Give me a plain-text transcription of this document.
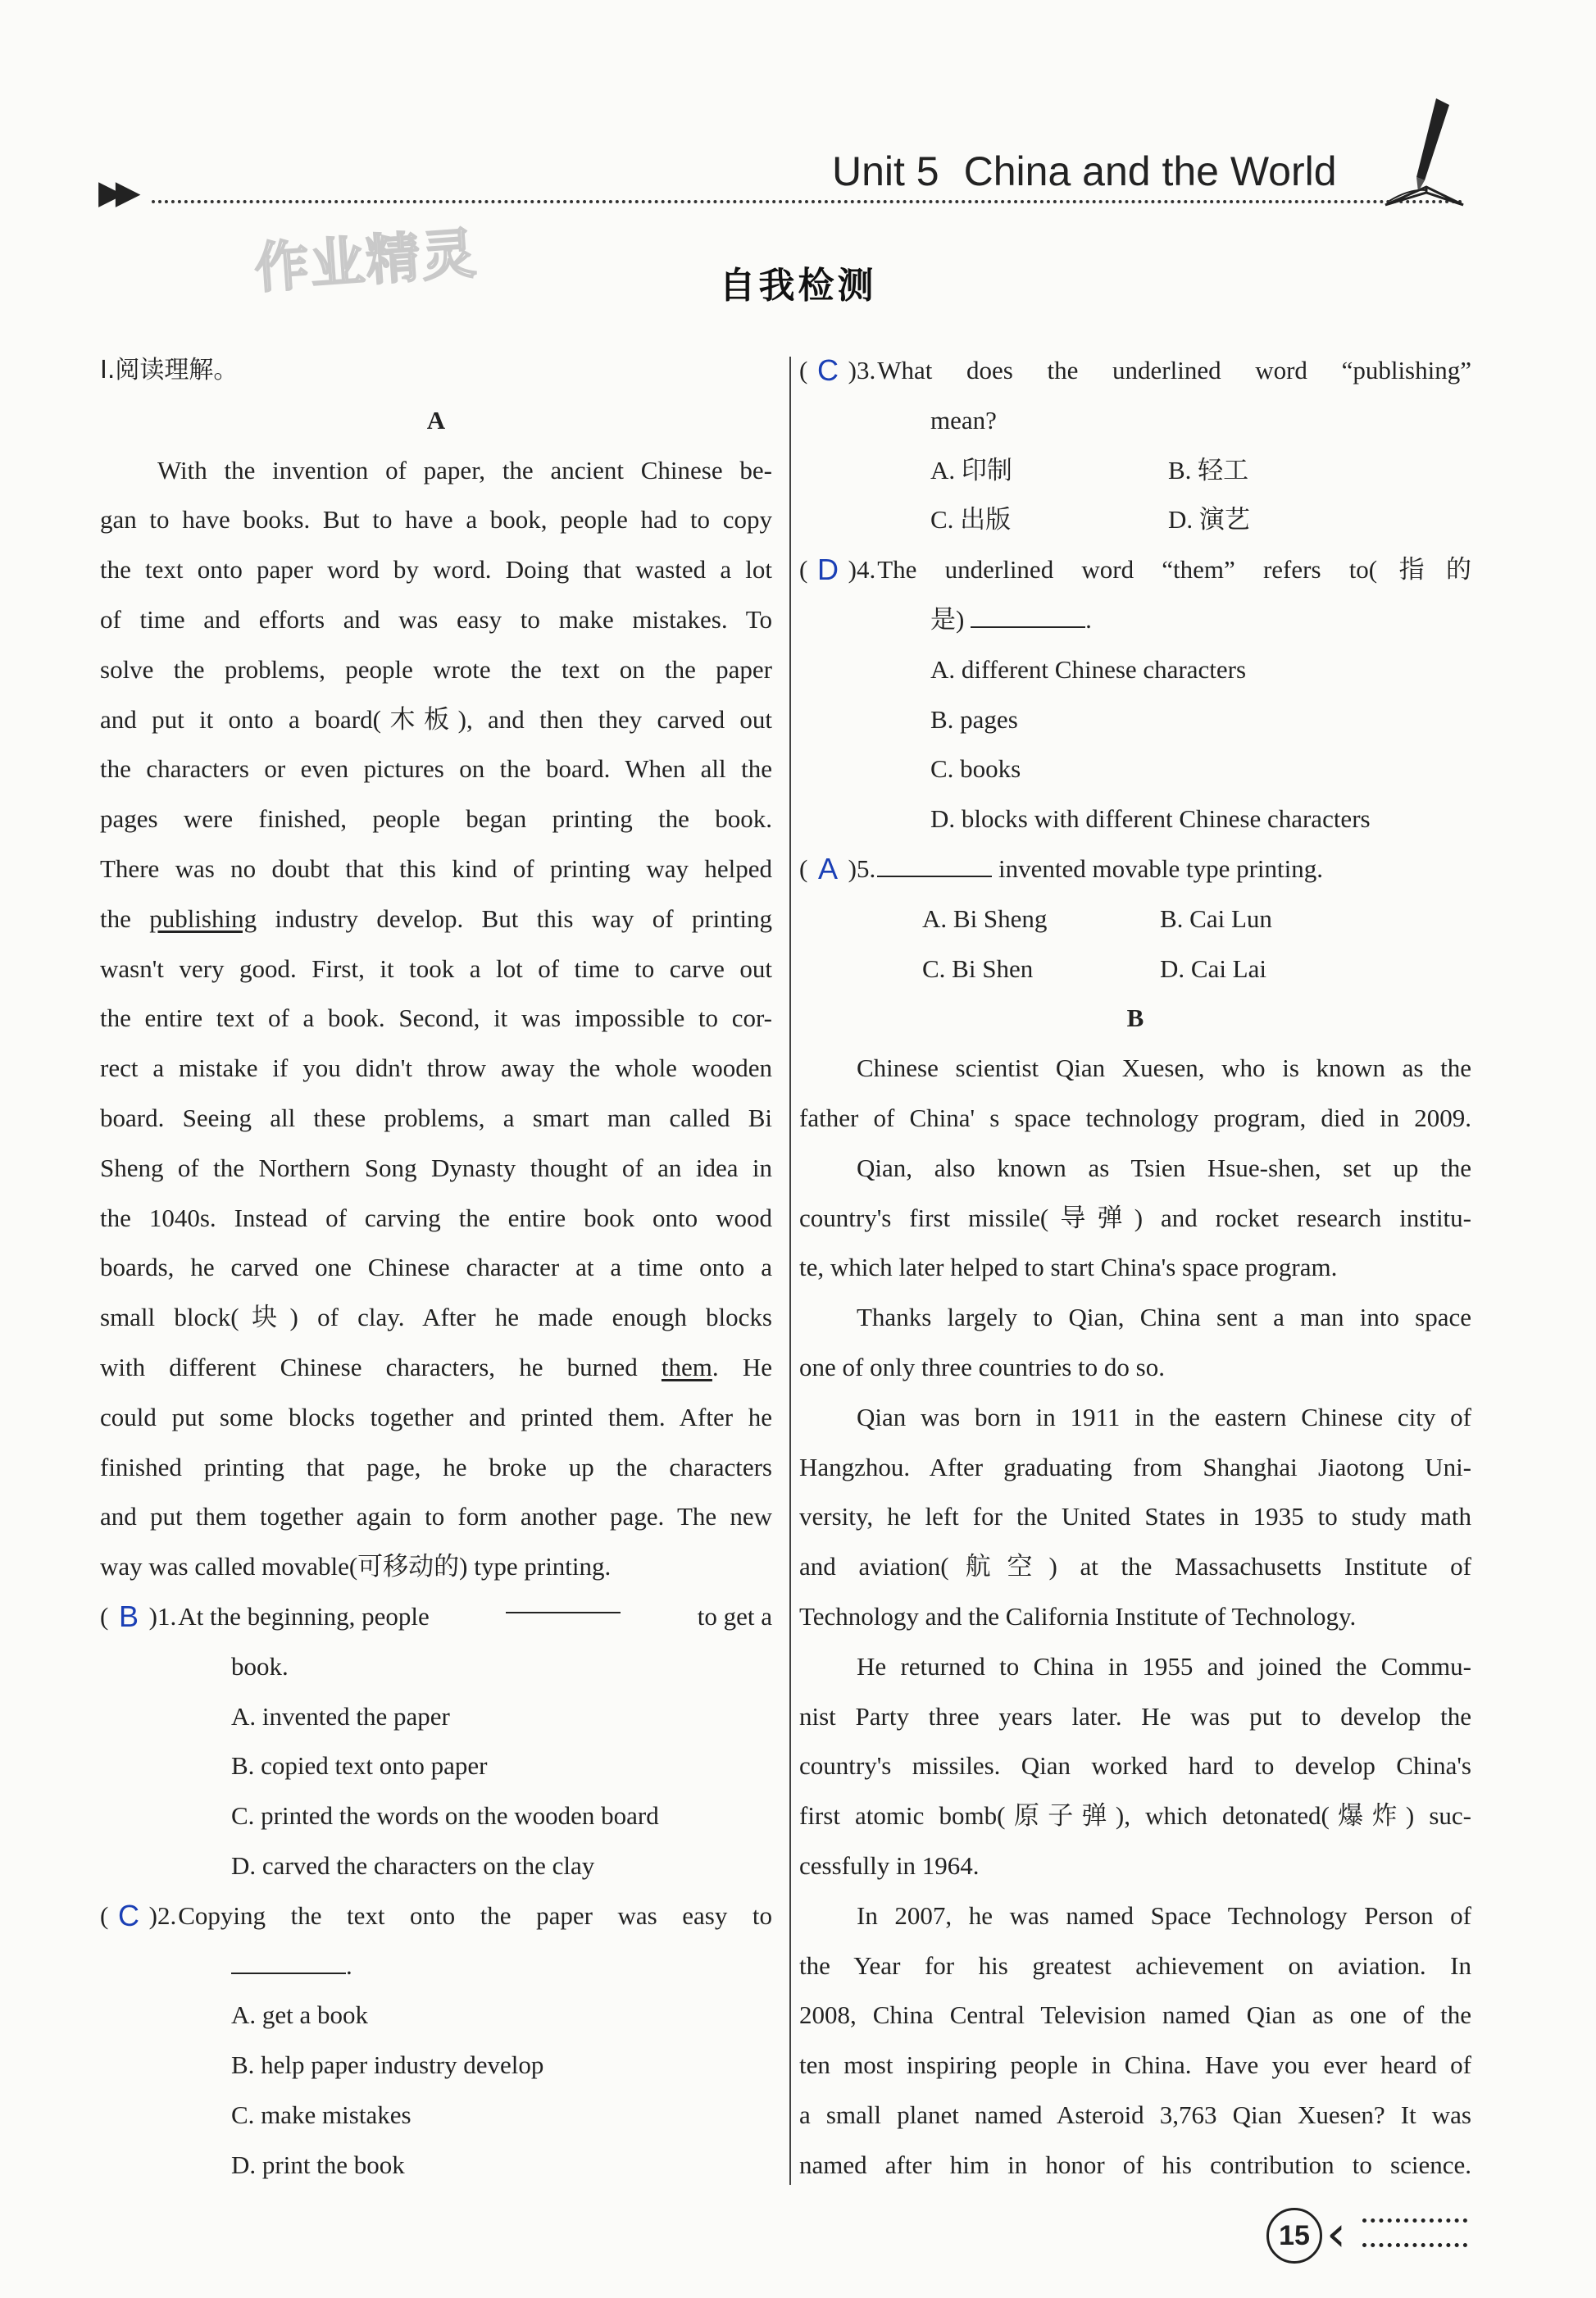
▶▶	Unit 5 China and the World
作业精灵	自我检测
Ⅰ.阅读理解。
A
With the invention of paper, the ancient Chinese be-
gan to have books. But to have a book, people had to copy
the text onto paper word by word. Doing that wasted a lot
of time and efforts and was easy to make mistakes. To
solve the problems, people wrote the text on the paper
and put it onto a board(木板), and then they carved out
the characters or even pictures on the board. When all the
pages were finished, people began printing the book.
There was no doubt that this kind of printing way helped
the publishing industry develop. But this way of printing
wasn't very good. First, it took a lot of time to carve out
the entire text of a book. Second, it was impossible to cor-
rect a mistake if you didn't throw away the whole wooden
board. Seeing all these problems, a smart man called Bi
Sheng of the Northern Song Dynasty thought of an idea in
the 1040s. Instead of carving the entire book onto wood
boards, he carved one Chinese character at a time onto a
small block(块) of clay. After he made enough blocks
with different Chinese characters, he burned them. He
could put some blocks together and printed them. After he
finished printing that page, he broke up the characters
and put them together again to form another page. The new
way was called movable(可移动的) type printing.
( B ) 1. At the beginning, people	to get a
book.
A. invented the paper
B. copied text onto paper
C. printed the words on the wooden board
D. carved the characters on the clay
( C ) 2. Copying the text onto the paper was easy to
.
A. get a book
B. help paper industry develop
C. make mistakes
D. print the book
( C ) 3. What does the underlined word “publishing”
mean?
A. 印制	B. 轻工
C. 出版	D. 演艺
( D ) 4. The underlined word “them” refers to(指的
是)	.
A. different Chinese characters
B. pages
C. books
D. blocks with different Chinese characters
( A ) 5.
	invented movable type printing.
A. Bi Sheng	B. Cai Lun
C. Bi Shen	D. Cai Lai
B
Chinese scientist Qian Xuesen, who is known as the
father of China' s space technology program, died in 2009.
Qian, also known as Tsien Hsue-shen, set up the
country's first missile(导弹) and rocket research institu-
te, which later helped to start China's space program.
Thanks largely to Qian, China sent a man into space
one of only three countries to do so.
Qian was born in 1911 in the eastern Chinese city of
Hangzhou. After graduating from Shanghai Jiaotong Uni-
versity, he left for the United States in 1935 to study math
and aviation(航空) at the Massachusetts Institute of
Technology and the California Institute of Technology.
He returned to China in 1955 and joined the Commu-
nist Party three years later. He was put to develop the
country's missiles. Qian worked hard to develop China's
first atomic bomb(原子弹), which detonated(爆炸) suc-
cessfully in 1964.
In 2007, he was named Space Technology Person of
the Year for his greatest achievement on aviation. In
2008, China Central Television named Qian as one of the
ten most inspiring people in China. Have you ever heard of
a small planet named Asteroid 3,763 Qian Xuesen? It was
named after him in honor of his contribution to science.
15 ‹
